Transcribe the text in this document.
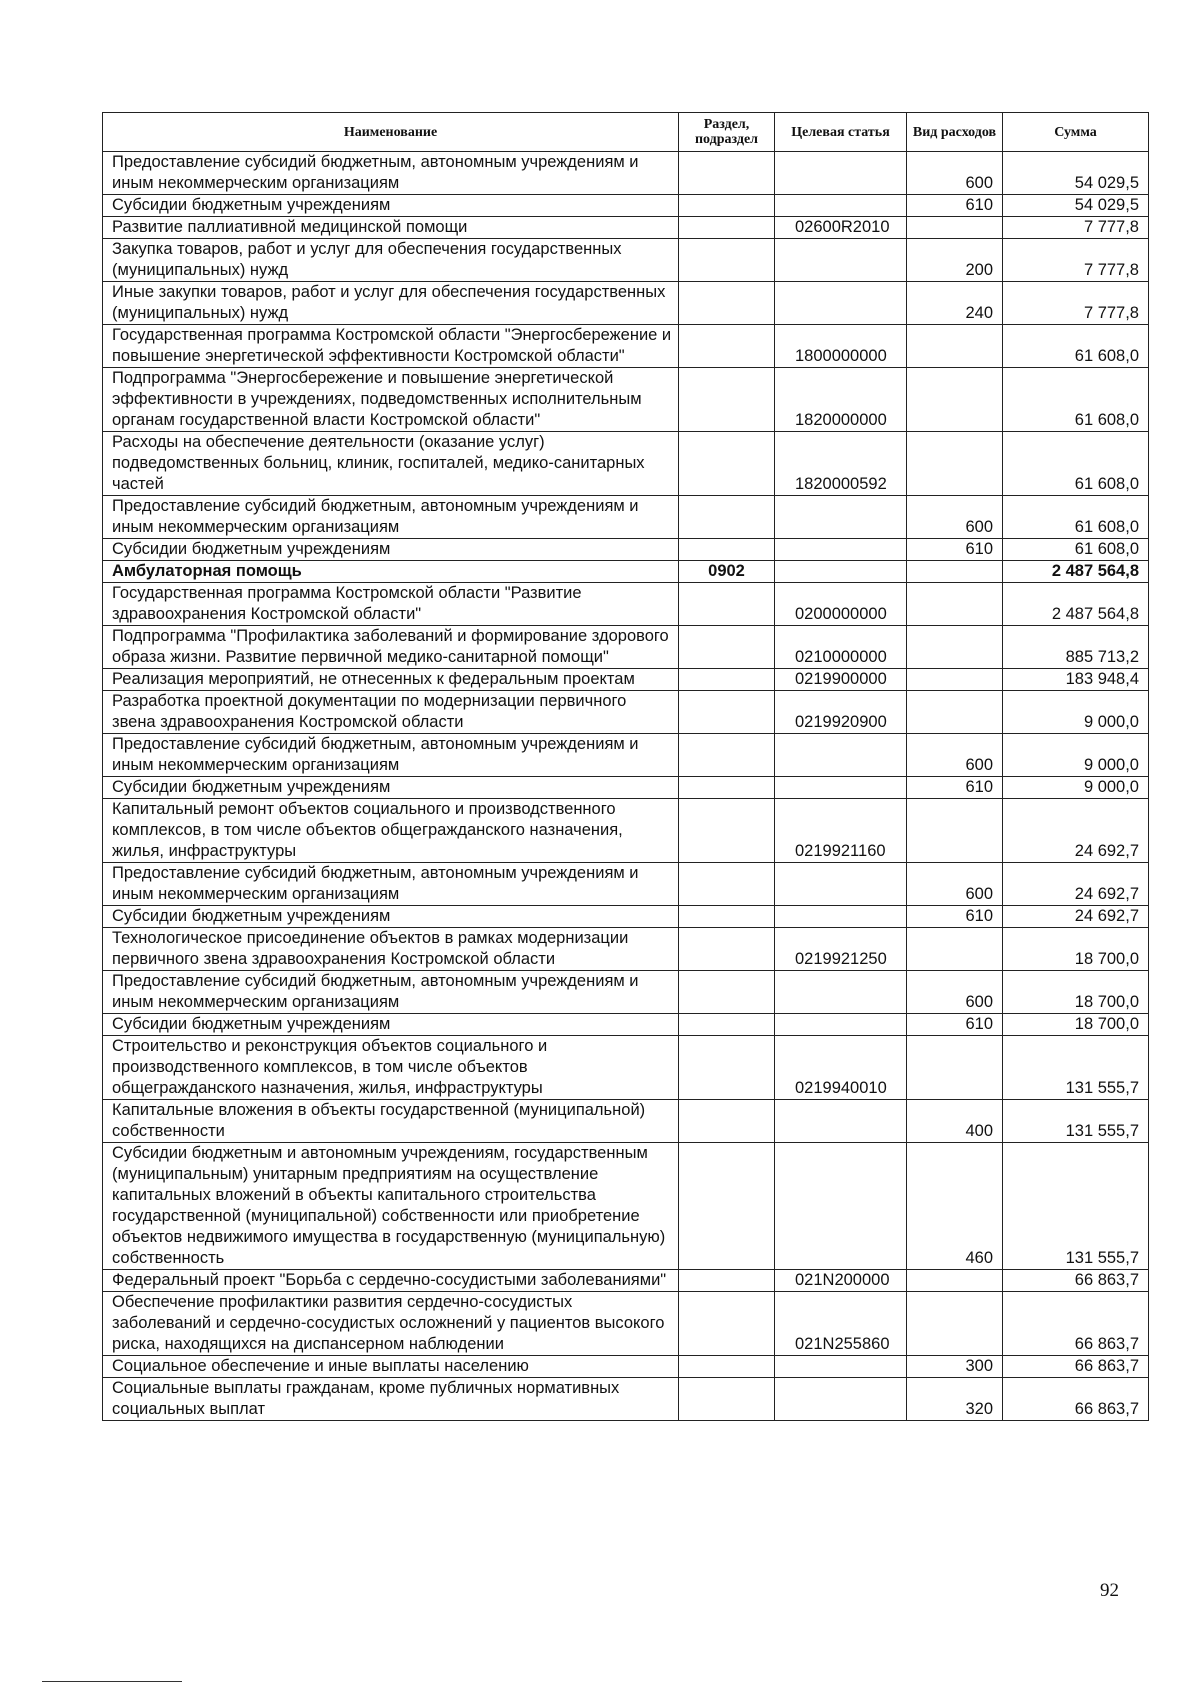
Наименование	Раздел, подраздел	Целевая статья	Вид расходов	Сумма
Предоставление субсидий бюджетным, автономным учреждениям и иным некоммерческим организациям			600	54 029,5
Субсидии бюджетным учреждениям			610	54 029,5
Развитие паллиативной медицинской помощи		02600R2010		7 777,8
Закупка товаров, работ и услуг для обеспечения государственных (муниципальных) нужд			200	7 777,8
Иные закупки товаров, работ и услуг для обеспечения государственных (муниципальных) нужд			240	7 777,8
Государственная программа Костромской области "Энергосбережение и повышение энергетической эффективности Костромской области"		1800000000		61 608,0
Подпрограмма "Энергосбережение и повышение энергетической эффективности в учреждениях, подведомственных исполнительным органам государственной власти Костромской области"		1820000000		61 608,0
Расходы на обеспечение деятельности (оказание услуг) подведомственных больниц, клиник, госпиталей, медико-санитарных частей		1820000592		61 608,0
Предоставление субсидий бюджетным, автономным учреждениям и иным некоммерческим организациям			600	61 608,0
Субсидии бюджетным учреждениям			610	61 608,0
Амбулаторная помощь	0902			2 487 564,8
Государственная программа Костромской области "Развитие здравоохранения Костромской области"		0200000000		2 487 564,8
Подпрограмма "Профилактика заболеваний и формирование здорового образа жизни. Развитие первичной медико-санитарной помощи"		0210000000		885 713,2
Реализация мероприятий, не отнесенных к федеральным проектам		0219900000		183 948,4
Разработка проектной документации по модернизации первичного звена здравоохранения Костромской области		0219920900		9 000,0
Предоставление субсидий бюджетным, автономным учреждениям и иным некоммерческим организациям			600	9 000,0
Субсидии бюджетным учреждениям			610	9 000,0
Капитальный ремонт объектов социального и производственного комплексов, в том числе объектов общегражданского назначения, жилья, инфраструктуры		0219921160		24 692,7
Предоставление субсидий бюджетным, автономным учреждениям и иным некоммерческим организациям			600	24 692,7
Субсидии бюджетным учреждениям			610	24 692,7
Технологическое присоединение объектов в рамках модернизации первичного звена здравоохранения Костромской области		0219921250		18 700,0
Предоставление субсидий бюджетным, автономным учреждениям и иным некоммерческим организациям			600	18 700,0
Субсидии бюджетным учреждениям			610	18 700,0
Строительство и реконструкция объектов социального и производственного комплексов, в том числе объектов общегражданского назначения, жилья, инфраструктуры		0219940010		131 555,7
Капитальные вложения в объекты государственной (муниципальной) собственности			400	131 555,7
Субсидии бюджетным и автономным учреждениям, государственным (муниципальным) унитарным предприятиям на осуществление капитальных вложений в объекты капитального строительства государственной (муниципальной) собственности или приобретение объектов недвижимого имущества в государственную (муниципальную) собственность			460	131 555,7
Федеральный проект "Борьба с сердечно-сосудистыми заболеваниями"		021N200000		66 863,7
Обеспечение профилактики развития сердечно-сосудистых заболеваний и сердечно-сосудистых осложнений у пациентов высокого риска, находящихся на диспансерном наблюдении		021N255860		66 863,7
Социальное обеспечение и иные выплаты населению			300	66 863,7
Социальные выплаты гражданам, кроме публичных нормативных социальных выплат			320	66 863,7
92
